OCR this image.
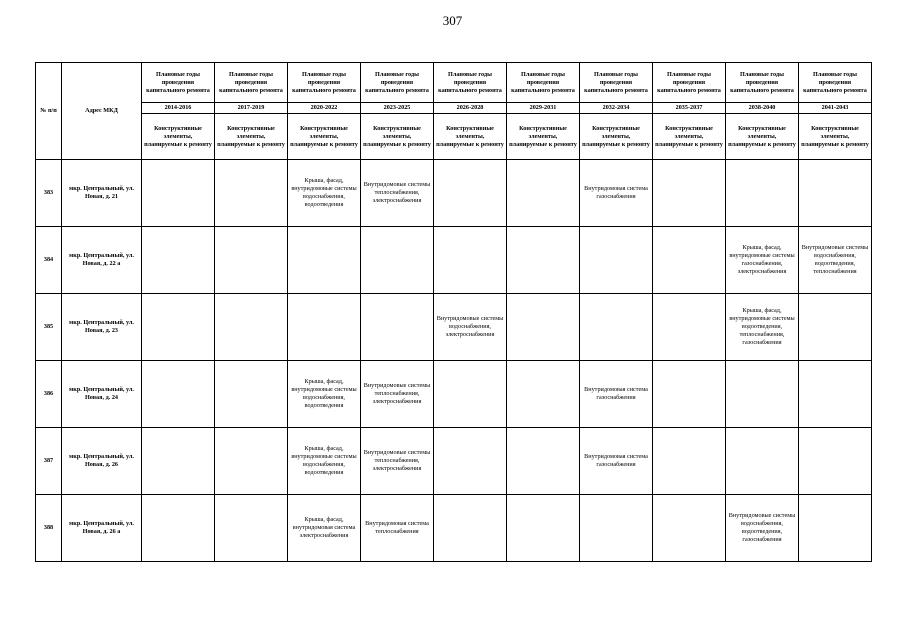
307
№ п/п	Адрес МКД	Плановые годы проведения капитального ремонта	Плановые годы проведения капитального ремонта	Плановые годы проведения капитального ремонта	Плановые годы проведения капитального ремонта	Плановые годы проведения капитального ремонта	Плановые годы проведения капитального ремонта	Плановые годы проведения капитального ремонта	Плановые годы проведения капитального ремонта	Плановые годы проведения капитального ремонта	Плановые годы проведения капитального ремонта
		2014-2016	2017-2019	2020-2022	2023-2025	2026-2028	2029-2031	2032-2034	2035-2037	2038-2040	2041-2043
		Конструктивные элементы, планируемые к ремонту	Конструктивные элементы, планируемые к ремонту	Конструктивные элементы, планируемые к ремонту	Конструктивные элементы, планируемые к ремонту	Конструктивные элементы, планируемые к ремонту	Конструктивные элементы, планируемые к ремонту	Конструктивные элементы, планируемые к ремонту	Конструктивные элементы, планируемые к ремонту	Конструктивные элементы, планируемые к ремонту	Конструктивные элементы, планируемые к ремонту
383	мкр. Центральный, ул. Новая, д. 21			Крыша, фасад, внутридомовые системы водоснабжения, водоотведения	Внутридомовые системы теплоснабжения, электроснабжения			Внутридомовая система газоснабжения			
384	мкр. Центральный, ул. Новая, д. 22 а									Крыша, фасад, внутридомовые системы газоснабжения, электроснабжения	Внутридомовые системы водоснабжения, водоотведения, теплоснабжения
385	мкр. Центральный, ул. Новая, д. 23					Внутридомовые системы водоснабжения, электроснабжения				Крыша, фасад, внутридомовые системы водоотведения, теплоснабжения, газоснабжения	
386	мкр. Центральный, ул. Новая, д. 24			Крыша, фасад, внутридомовые системы водоснабжения, водоотведения	Внутридомовые системы теплоснабжения, электроснабжения			Внутридомовая система газоснабжения			
387	мкр. Центральный, ул. Новая, д. 26			Крыша, фасад, внутридомовые системы водоснабжения, водоотведения	Внутридомовые системы теплоснабжения, электроснабжения			Внутридомовая система газоснабжения			
388	мкр. Центральный, ул. Новая, д. 26 а			Крыша, фасад, внутридомовая система электроснабжения	Внутридомовая система теплоснабжения					Внутридомовые системы водоснабжения, водоотведения, газоснабжения	
